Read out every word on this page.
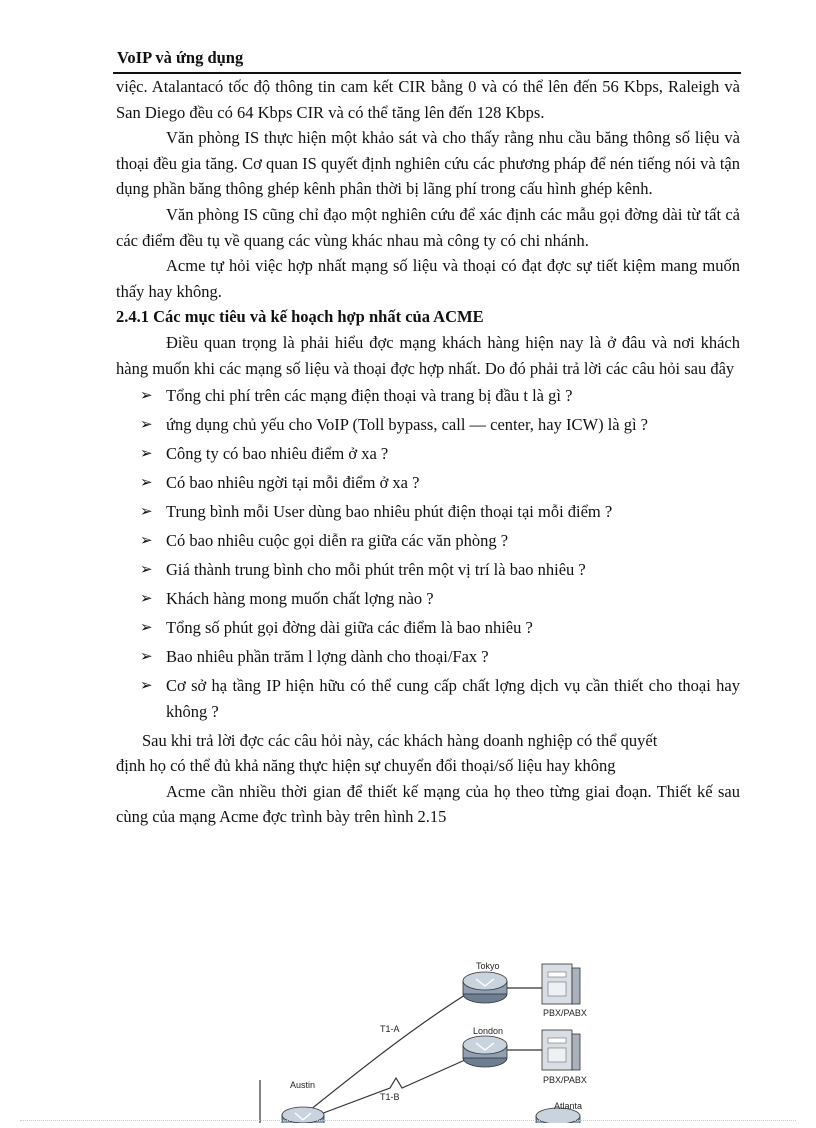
VoIP và ứng dụng

việc. Atalantacó tốc độ thông tin cam kết CIR bằng 0 và có thể lên đến 56 Kbps, Raleigh và San Diego đều có 64 Kbps CIR và có thể tăng lên đến 128 Kbps.

Văn phòng IS thực hiện một khảo sát và cho thấy rằng nhu cầu băng thông số liệu và thoại đều gia tăng. Cơ quan IS quyết định nghiên cứu các phương pháp để nén tiếng nói và tận dụng phần băng thông ghép kênh phân thời bị lãng phí trong cấu hình ghép kênh.

Văn phòng IS cũng chỉ đạo một nghiên cứu để xác định các mẫu gọi đờng dài từ tất cả các điểm đều tụ về quang các vùng khác nhau mà công ty có chi nhánh.

Acme tự hỏi việc hợp nhất mạng số liệu và thoại có đạt đợc sự tiết kiệm mang muốn thấy hay không.

2.4.1 Các mục tiêu và kế hoạch hợp nhất của ACME

Điều quan trọng là phải hiểu đợc mạng khách hàng hiện nay là ở đâu và nơi khách hàng muốn khi các mạng số liệu và thoại đợc hợp nhất. Do đó phải trả lời các câu hỏi sau đây

➢ Tổng chi phí trên các mạng điện thoại và trang bị đầu t là gì ?
➢ ứng dụng chủ yếu cho VoIP (Toll bypass, call — center, hay ICW) là gì ?
➢ Công ty có bao nhiêu điểm ở xa ?
➢ Có bao nhiêu ngời tại mỗi điểm ở xa ?
➢ Trung bình mỗi User dùng bao nhiêu phút điện thoại tại mỗi điểm ?
➢ Có bao nhiêu cuộc gọi diễn ra giữa các văn phòng ?
➢ Giá thành trung bình cho mỗi phút trên một vị trí là bao nhiêu ?
➢ Khách hàng mong muốn chất lợng nào ?
➢ Tổng số phút gọi đờng dài giữa các điểm là bao nhiêu ?
➢ Bao nhiêu phần trăm l lợng dành cho thoại/Fax ?
➢ Cơ sở hạ tầng IP hiện hữu có thể cung cấp chất lợng dịch vụ cần thiết cho thoại hay không ?

Sau khi trả lời đợc các câu hỏi này, các khách hàng doanh nghiệp có thể quyết

định họ có thể đủ khả năng thực hiện sự chuyển đổi thoại/số liệu hay không

Acme cần nhiều thời gian để thiết kế mạng của họ theo từng giai đoạn. Thiết kế sau cùng của mạng Acme đợc trình bày trên hình 2.15

Tokyo
London
Atlanta
Austin
T1-A
T1-B
PBX/PABX
PBX/PABX
